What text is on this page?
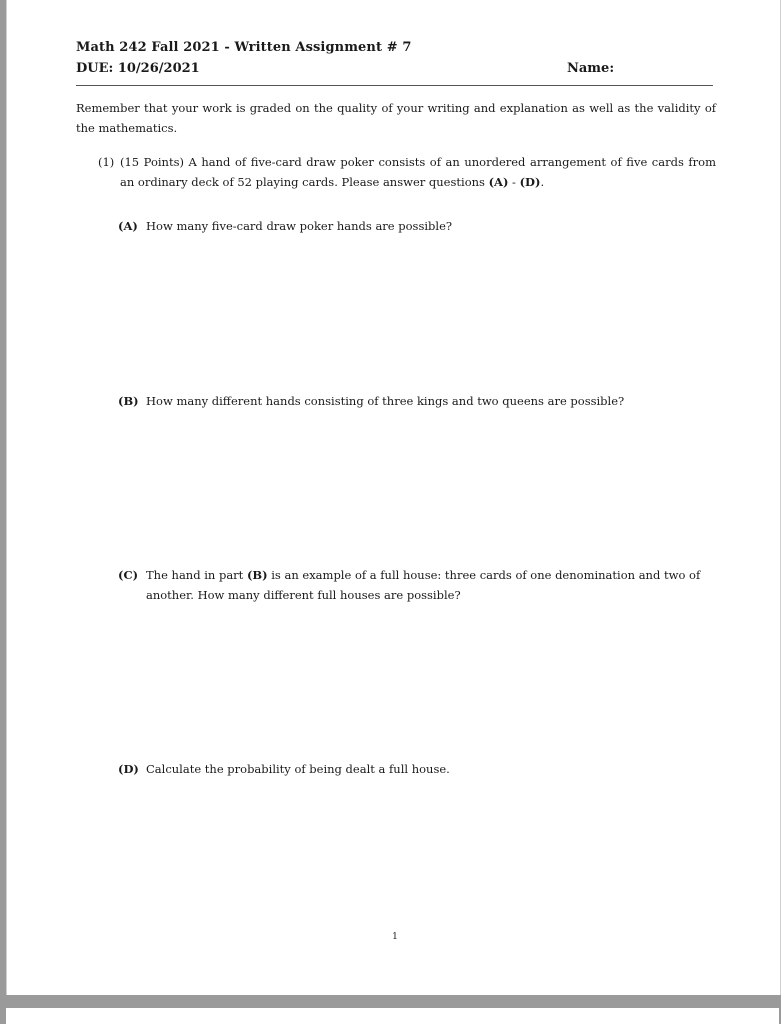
Math 242 Fall 2021 - Written Assignment # 7
DUE: 10/26/2021	Name:
Remember that your work is graded on the quality of your writing and explanation as well as the validity of the mathematics.
(1) (15 Points) A hand of five-card draw poker consists of an unordered arrangement of five cards from an ordinary deck of 52 playing cards. Please answer questions (A) - (D).
(A) How many five-card draw poker hands are possible?
(B) How many different hands consisting of three kings and two queens are possible?
(C) The hand in part (B) is an example of a full house: three cards of one denomination and two of another. How many different full houses are possible?
(D) Calculate the probability of being dealt a full house.
1
